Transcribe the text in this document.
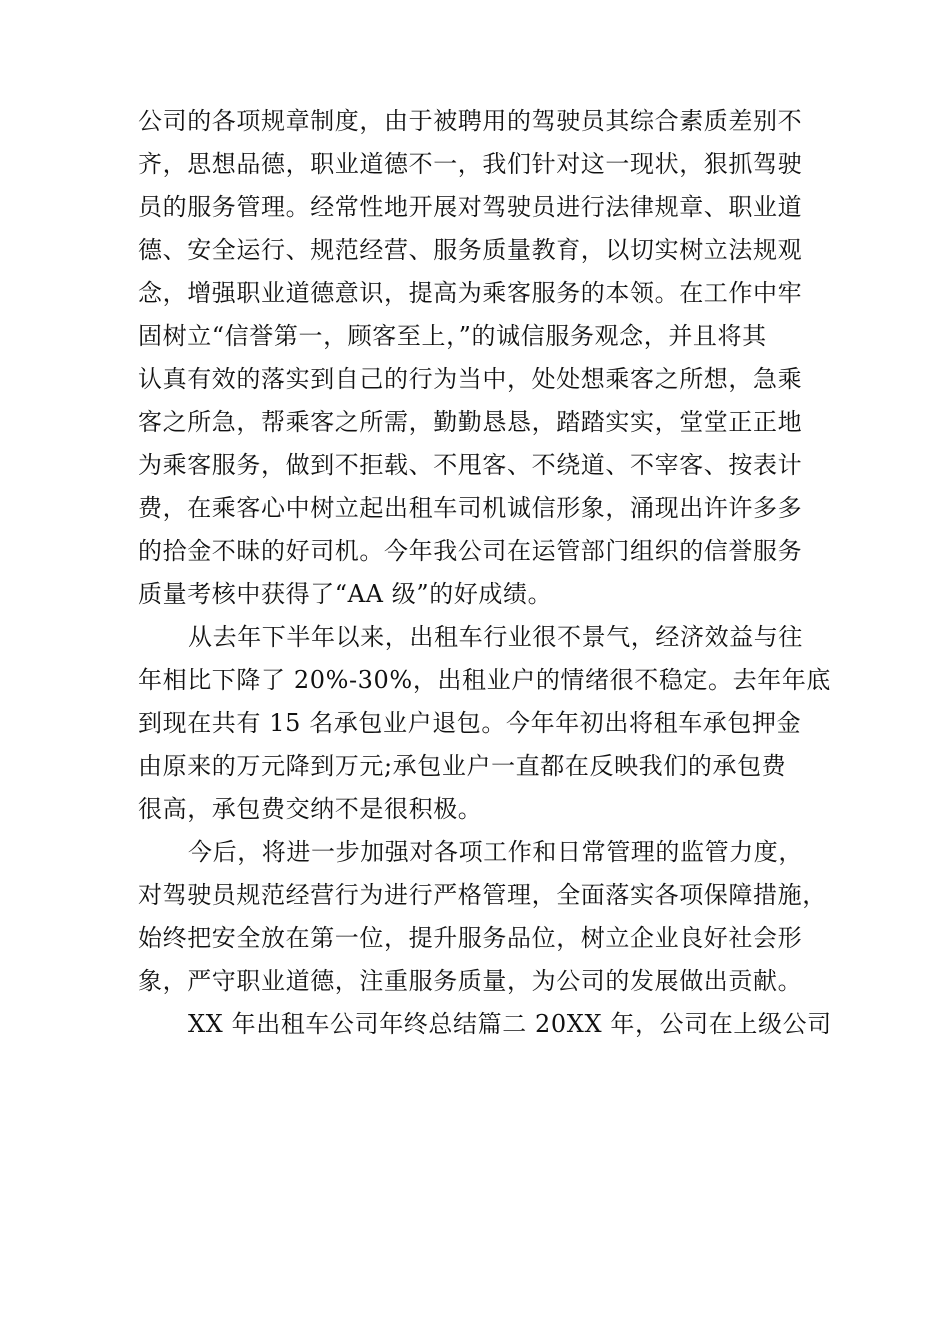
公司的各项规章制度，由于被聘用的驾驶员其综合素质差别不
齐，思想品德，职业道德不一，我们针对这一现状，狠抓驾驶
员的服务管理。经常性地开展对驾驶员进行法律规章、职业道
德、安全运行、规范经营、服务质量教育，以切实树立法规观
念，增强职业道德意识，提高为乘客服务的本领。在工作中牢
固树立“信誉第一，顾客至上，”的诚信服务观念，并且将其
认真有效的落实到自己的行为当中，处处想乘客之所想，急乘
客之所急，帮乘客之所需，勤勤恳恳，踏踏实实，堂堂正正地
为乘客服务，做到不拒载、不甩客、不绕道、不宰客、按表计
费，在乘客心中树立起出租车司机诚信形象，涌现出许许多多
的拾金不昧的好司机。今年我公司在运管部门组织的信誉服务
质量考核中获得了“AA 级”的好成绩。

从去年下半年以来，出租车行业很不景气，经济效益与往
年相比下降了 20%-30%，出租业户的情绪很不稳定。去年年底
到现在共有 15 名承包业户退包。今年年初出将租车承包押金
由原来的万元降到万元;承包业户一直都在反映我们的承包费
很高，承包费交纳不是很积极。

今后，将进一步加强对各项工作和日常管理的监管力度，
对驾驶员规范经营行为进行严格管理，全面落实各项保障措施，
始终把安全放在第一位，提升服务品位，树立企业良好社会形
象，严守职业道德，注重服务质量，为公司的发展做出贡献。

XX 年出租车公司年终总结篇二 20XX 年，公司在上级公司
